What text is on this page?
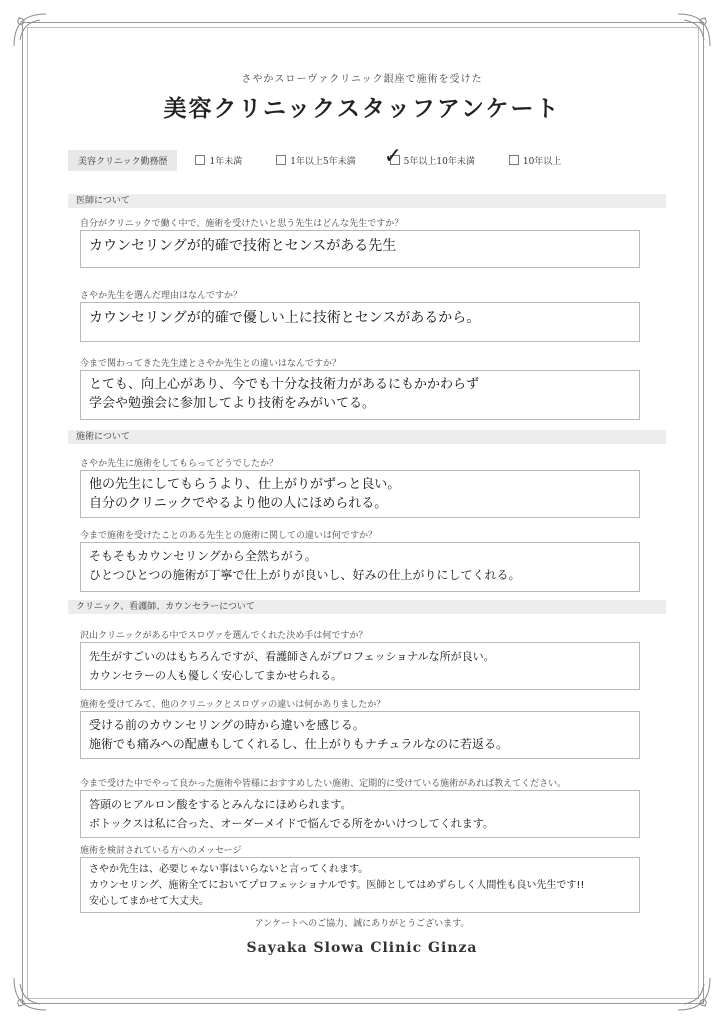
さやかスローヴァクリニック銀座で施術を受けた
美容クリニックスタッフアンケート
美容クリニック勤務歴	1年未満	1年以上5年未満 ✓ 5年以上10年未満	10年以上
医師について
自分がクリニックで働く中で、施術を受けたいと思う先生はどんな先生ですか？
カウンセリングが的確で技術とセンスがある先生
さやか先生を選んだ理由はなんですか？
カウンセリングが的確で優しい上に技術とセンスがあるから。
今まで関わってきた先生達とさやか先生との違いはなんですか？
とても、向上心があり、今でも十分な技術力があるにもかかわらず
学会や勉強会に参加してより技術をみがいてる。
施術について
さやか先生に施術をしてもらってどうでしたか？
他の先生にしてもらうより、仕上がりがずっと良い。
自分のクリニックでやるより他の人にほめられる。
今まで施術を受けたことのある先生との施術に関しての違いは何ですか？
そもそもカウンセリングから全然ちがう。
ひとつひとつの施術が丁寧で仕上がりが良いし、好みの仕上がりにしてくれる。
クリニック、看護師、カウンセラーについて
沢山クリニックがある中でスロヴァを選んでくれた決め手は何ですか？
先生がすごいのはもちろんですが、看護師さんがプロフェッショナルな所が良い。
カウンセラーの人も優しく安心してまかせられる。
施術を受けてみて、他のクリニックとスロヴァの違いは何かありましたか？
受ける前のカウンセリングの時から違いを感じる。
施術でも痛みへの配慮もしてくれるし、仕上がりもナチュラルなのに若返る。
今まで受けた中でやって良かった施術や皆様におすすめしたい施術、定期的に受けている施術があれば教えてください。
答頭のヒアルロン酸をするとみんなにほめられます。
ボトックスは私に合った、オーダーメイドで悩んでる所をかいけつしてくれます。
施術を検討されている方へのメッセージ
さやか先生は、必要じゃない事はいらないと言ってくれます。
カウンセリング、施術全てにおいてプロフェッショナルです。医師としてはめずらしく人間性も良い先生です!!
安心してまかせて大丈夫。
アンケートへのご協力、誠にありがとうございます。
Sayaka Slowa Clinic Ginza
